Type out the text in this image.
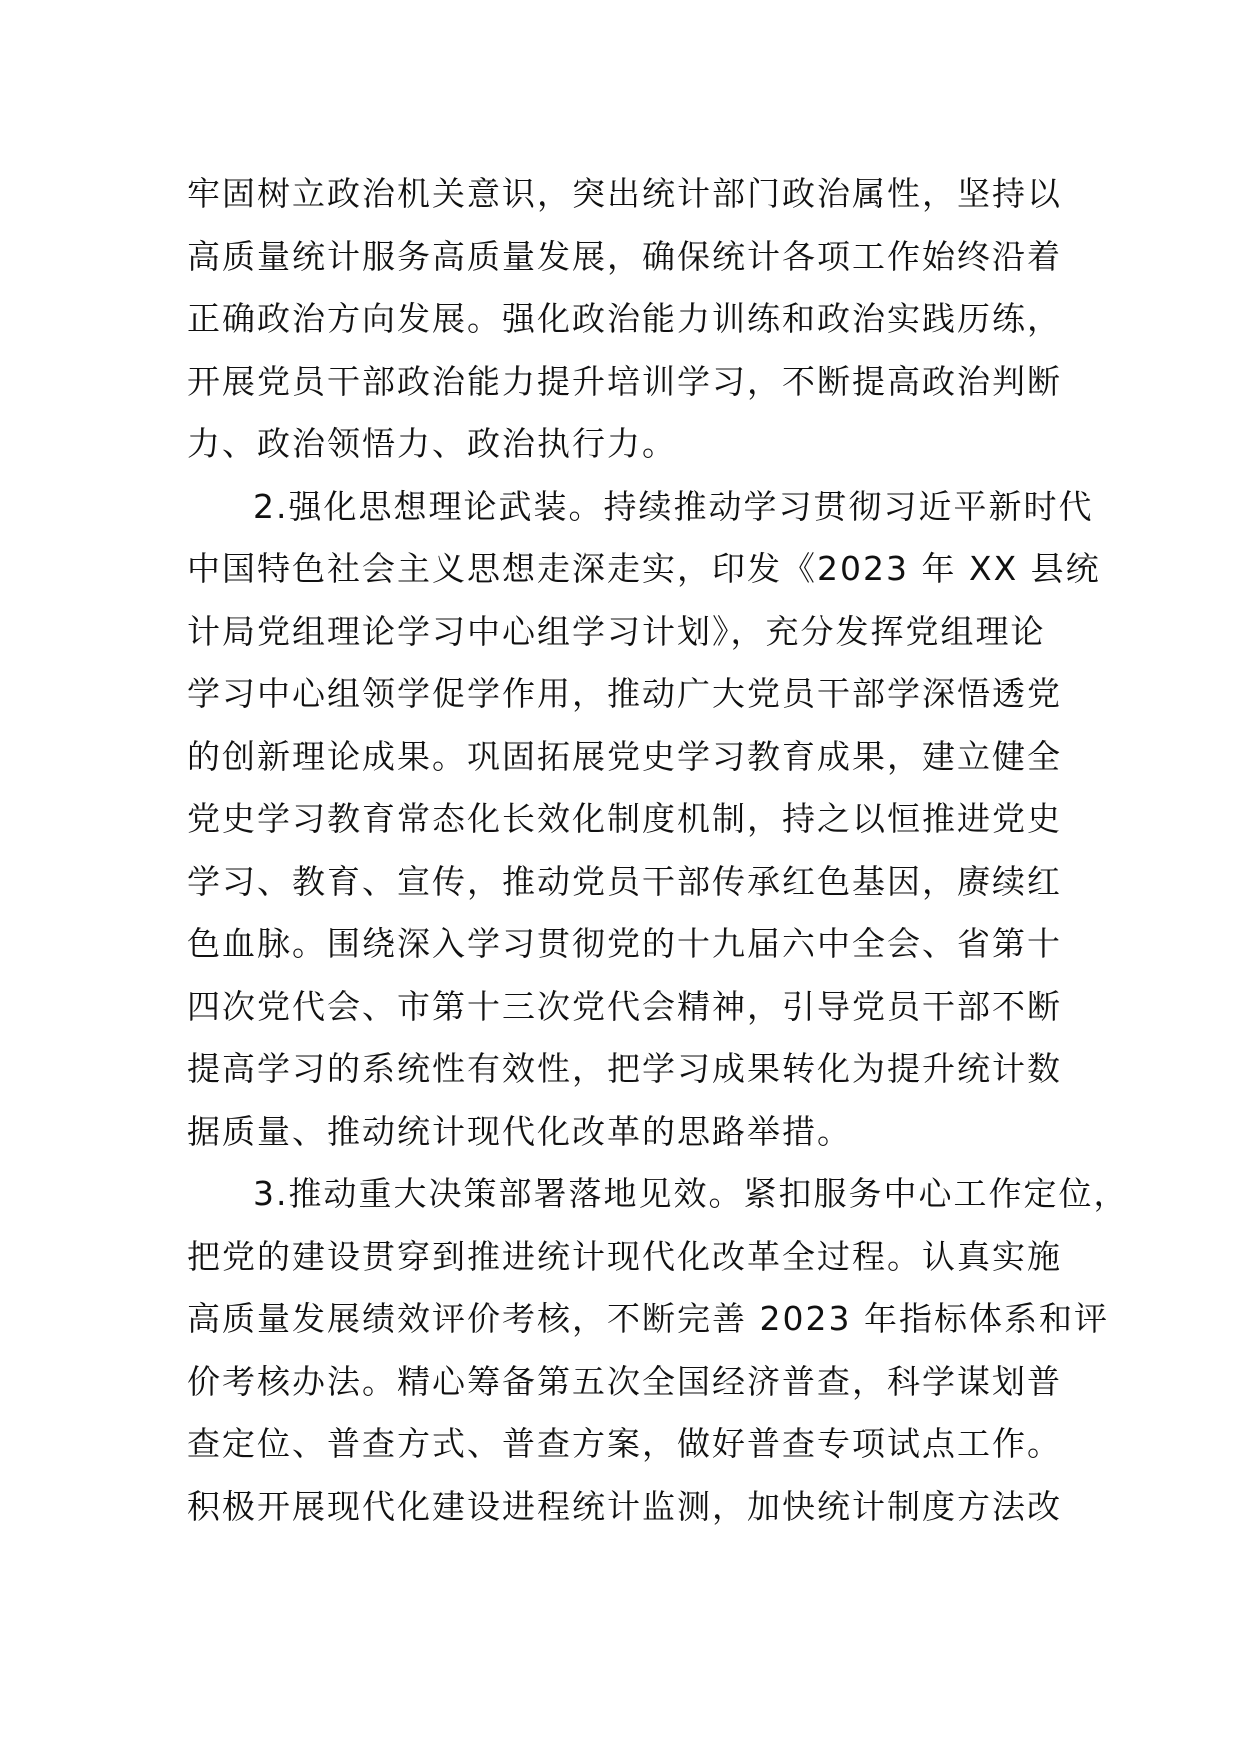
牢固树立政治机关意识，突出统计部门政治属性，坚持以
高质量统计服务高质量发展，确保统计各项工作始终沿着
正确政治方向发展。强化政治能力训练和政治实践历练，
开展党员干部政治能力提升培训学习，不断提高政治判断
力、政治领悟力、政治执行力。
2.强化思想理论武装。持续推动学习贯彻习近平新时代
中国特色社会主义思想走深走实，印发《2023 年 XX 县统
计局党组理论学习中心组学习计划》，充分发挥党组理论
学习中心组领学促学作用，推动广大党员干部学深悟透党
的创新理论成果。巩固拓展党史学习教育成果，建立健全
党史学习教育常态化长效化制度机制，持之以恒推进党史
学习、教育、宣传，推动党员干部传承红色基因，赓续红
色血脉。围绕深入学习贯彻党的十九届六中全会、省第十
四次党代会、市第十三次党代会精神，引导党员干部不断
提高学习的系统性有效性，把学习成果转化为提升统计数
据质量、推动统计现代化改革的思路举措。
3.推动重大决策部署落地见效。紧扣服务中心工作定位，
把党的建设贯穿到推进统计现代化改革全过程。认真实施
高质量发展绩效评价考核，不断完善 2023 年指标体系和评
价考核办法。精心筹备第五次全国经济普查，科学谋划普
查定位、普查方式、普查方案，做好普查专项试点工作。
积极开展现代化建设进程统计监测，加快统计制度方法改
